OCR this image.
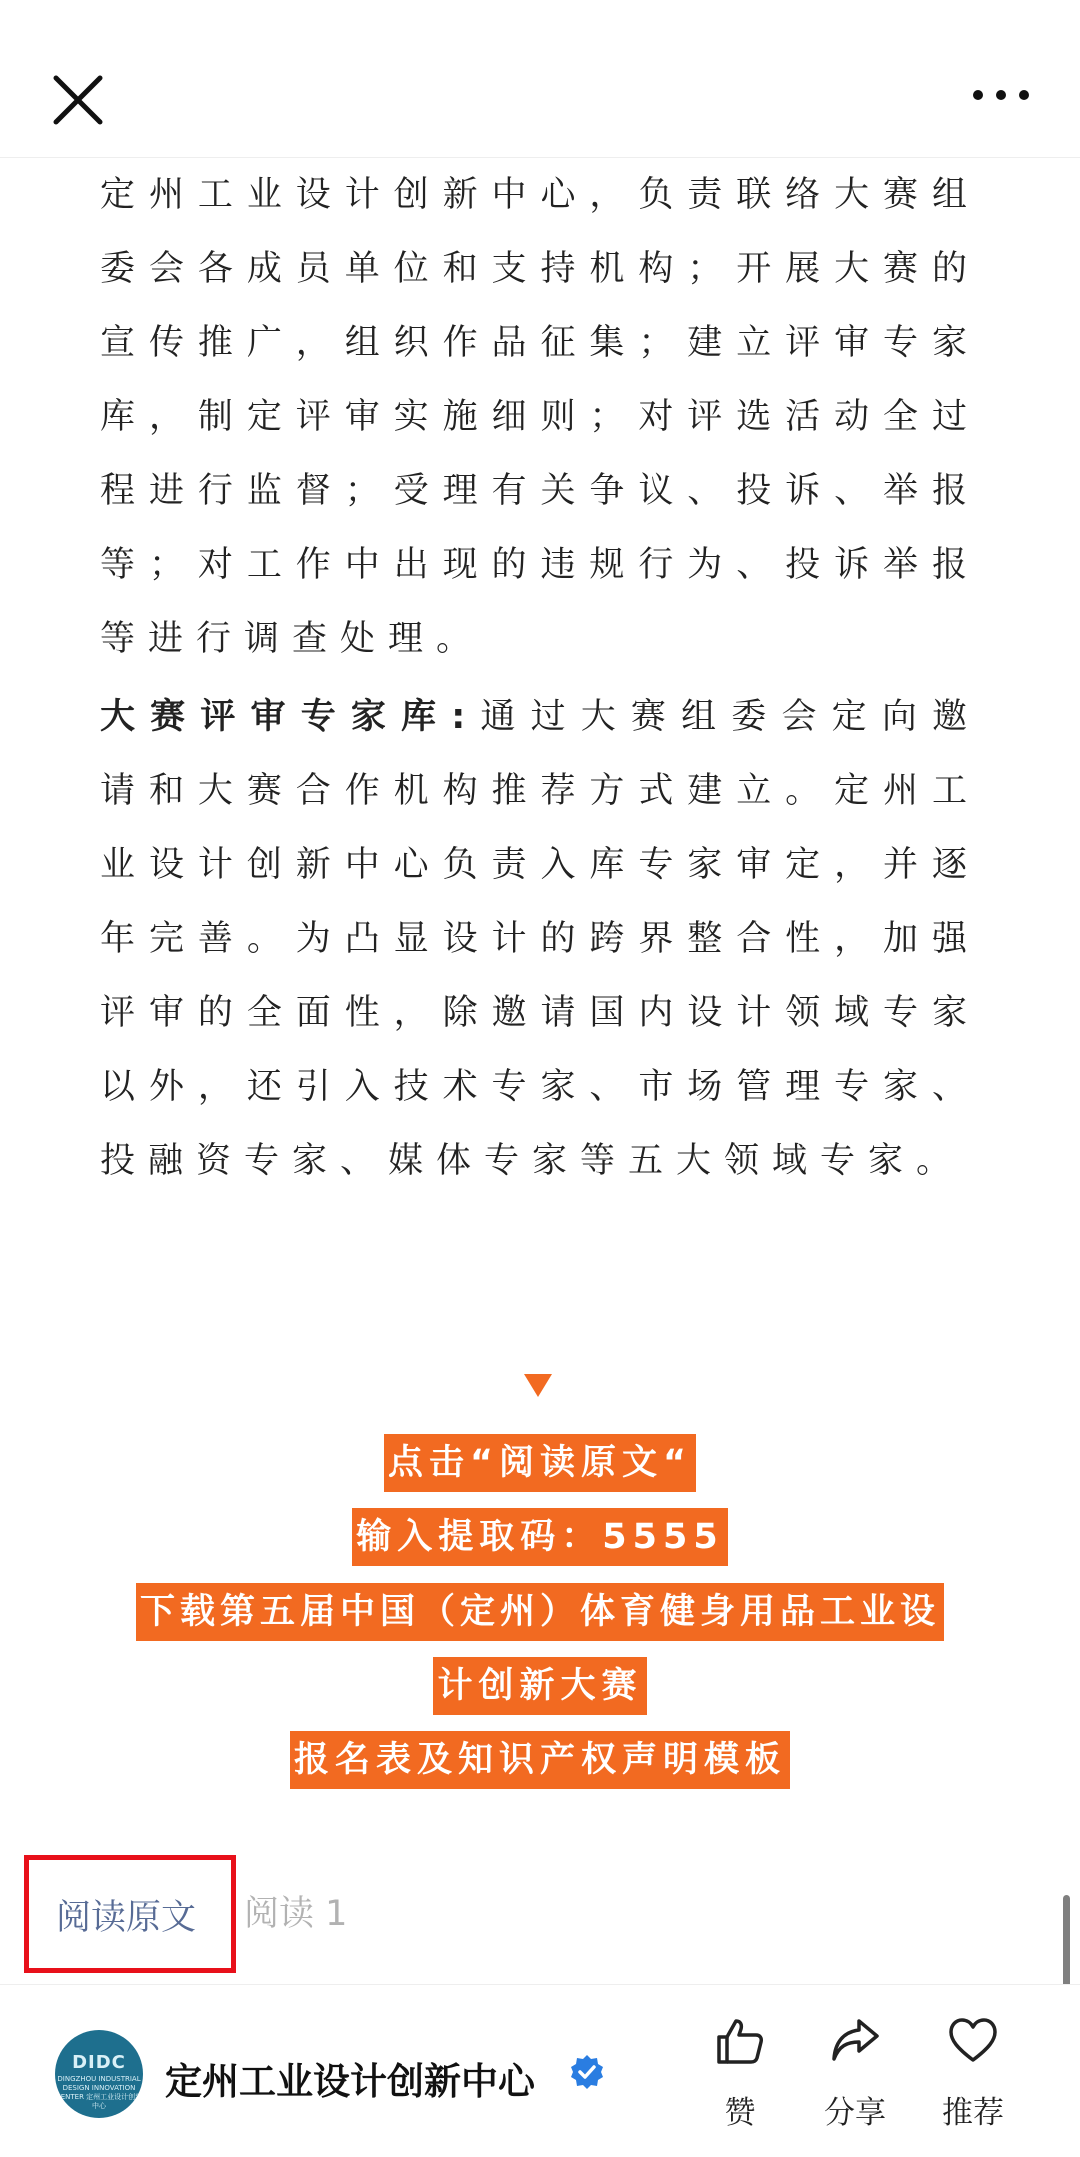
定州工业设计创新中心，负责联络大赛组委会各成员单位和支持机构；开展大赛的宣传推广，组织作品征集；建立评审专家库，制定评审实施细则；对评选活动全过程进行监督；受理有关争议、投诉、举报等；对工作中出现的违规行为、投诉举报等进行调查处理。

大赛评审专家库:通过大赛组委会定向邀请和大赛合作机构推荐方式建立。定州工业设计创新中心负责入库专家审定，并逐年完善。为凸显设计的跨界整合性，加强评审的全面性，除邀请国内设计领域专家以外，还引入技术专家、市场管理专家、投融资专家、媒体专家等五大领域专家。

点击“阅读原文“
输入提取码：5555
下载第五届中国（定州）体育健身用品工业设
计创新大赛
报名表及知识产权声明模板
阅读原文 阅读 1
DIDC
DINGZHOU INDUSTRIAL DESIGN INNOVATION CENTER 定州工业设计创新中心
定州工业设计创新中心
赞	分享	推荐
